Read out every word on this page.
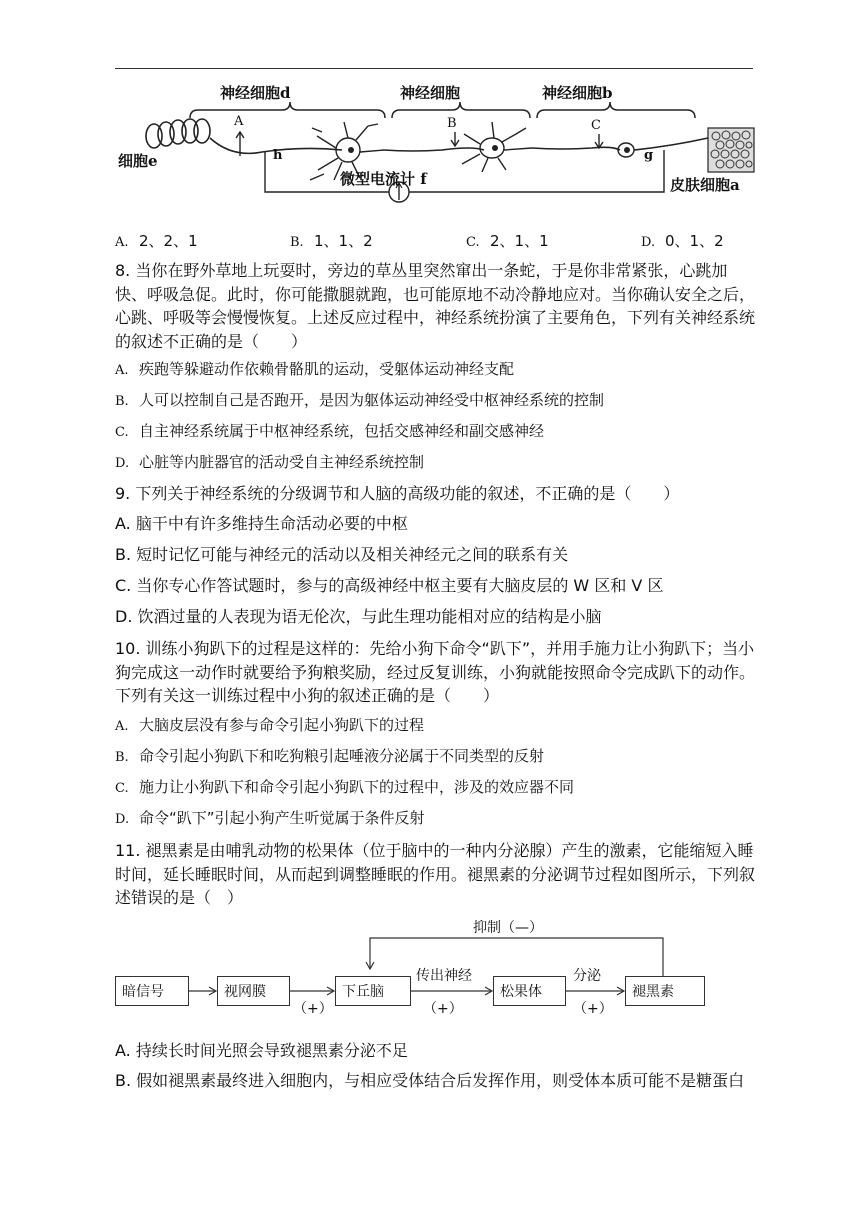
神经细胞d	神经细胞	神经细胞b
细胞e
皮肤细胞a
微型电流计 f
A	B	C
h	g
A. 2、2、1	B. 1、1、2	C. 2、1、1	D. 0、1、2
8. 当你在野外草地上玩耍时，旁边的草丛里突然窜出一条蛇，于是你非常紧张，心跳加快、呼吸急促。此时，你可能撒腿就跑，也可能原地不动冷静地应对。当你确认安全之后，心跳、呼吸等会慢慢恢复。上述反应过程中，神经系统扮演了主要角色，下列有关神经系统的叙述不正确的是（　　）
A. 疾跑等躲避动作依赖骨骼肌的运动，受躯体运动神经支配
B. 人可以控制自己是否跑开，是因为躯体运动神经受中枢神经系统的控制
C. 自主神经系统属于中枢神经系统，包括交感神经和副交感神经
D. 心脏等内脏器官的活动受自主神经系统控制
9. 下列关于神经系统的分级调节和人脑的高级功能的叙述，不正确的是（　　）
A. 脑干中有许多维持生命活动必要的中枢
B. 短时记忆可能与神经元的活动以及相关神经元之间的联系有关
C. 当你专心作答试题时，参与的高级神经中枢主要有大脑皮层的 W 区和 V 区
D. 饮酒过量的人表现为语无伦次，与此生理功能相对应的结构是小脑
10. 训练小狗趴下的过程是这样的：先给小狗下命令“趴下”，并用手施力让小狗趴下；当小狗完成这一动作时就要给予狗粮奖励，经过反复训练，小狗就能按照命令完成趴下的动作。下列有关这一训练过程中小狗的叙述正确的是（　　）
A. 大脑皮层没有参与命令引起小狗趴下的过程
B. 命令引起小狗趴下和吃狗粮引起唾液分泌属于不同类型的反射
C. 施力让小狗趴下和命令引起小狗趴下的过程中，涉及的效应器不同
D. 命令“趴下”引起小狗产生听觉属于条件反射
11. 褪黑素是由哺乳动物的松果体（位于脑中的一种内分泌腺）产生的激素，它能缩短入睡时间，延长睡眠时间，从而起到调整睡眠的作用。褪黑素的分泌调节过程如图所示，下列叙述错误的是（　）
抑制（—）
暗信号	视网膜	下丘脑	松果体	褪黑素
传出神经	分泌
（+）	（+）	（+）
A. 持续长时间光照会导致褪黑素分泌不足
B. 假如褪黑素最终进入细胞内，与相应受体结合后发挥作用，则受体本质可能不是糖蛋白
